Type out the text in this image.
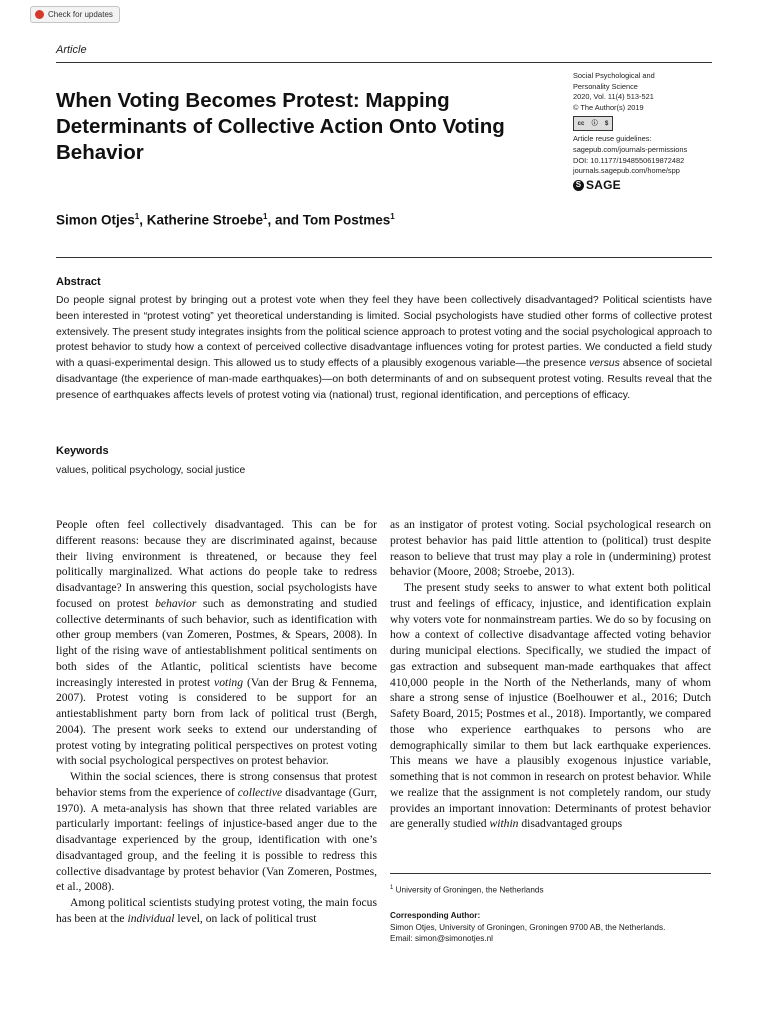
Check for updates
Article
When Voting Becomes Protest: Mapping Determinants of Collective Action Onto Voting Behavior
Social Psychological and
Personality Science
2020, Vol. 11(4) 513-521
© The Author(s) 2019
cc ⓘ $
Article reuse guidelines:
sagepub.com/journals-permissions
DOI: 10.1177/1948550619872482
journals.sagepub.com/home/spp
S SAGE
Simon Otjes$^1$, Katherine Stroebe$^1$, and Tom Postmes$^1$
Abstract
Do people signal protest by bringing out a protest vote when they feel they have been collectively disadvantaged? Political scientists have been interested in “protest voting” yet theoretical understanding is limited. Social psychologists have studied other forms of collective protest extensively. The present study integrates insights from the political science approach to protest voting and the social psychological approach to protest behavior to study how a context of perceived collective disadvantage influences voting for protest parties. We conducted a field study with a quasi-experimental design. This allowed us to study effects of a plausibly exogenous variable—the presence versus absence of societal disadvantage (the experience of man-made earthquakes)—on both determinants of and on subsequent protest voting. Results reveal that the presence of earthquakes affects levels of protest voting via (national) trust, regional identification, and perceptions of efficacy.
Keywords
values, political psychology, social justice

People often feel collectively disadvantaged. This can be for different reasons: because they are discriminated against, because their living environment is threatened, or because they feel politically marginalized. What actions do people take to redress disadvantage? In answering this question, social psychologists have focused on protest behavior such as demonstrating and studied collective determinants of such behavior, such as identification with other group members (van Zomeren, Postmes, & Spears, 2008). In light of the rising wave of antiestablishment political sentiments on both sides of the Atlantic, political scientists have become increasingly interested in protest voting (Van der Brug & Fennema, 2007). Protest voting is considered to be support for an antiestablishment party born from lack of political trust (Bergh, 2004). The present work seeks to extend our understanding of protest voting by integrating political perspectives on protest voting with social psychological perspectives on protest behavior.

Within the social sciences, there is strong consensus that protest behavior stems from the experience of collective disadvantage (Gurr, 1970). A meta-analysis has shown that three related variables are particularly important: feelings of injustice-based anger due to the disadvantage experienced by the group, identification with one’s disadvantaged group, and the feeling it is possible to redress this collective disadvantage by protest behavior (Van Zomeren, Postmes, et al., 2008).

Among political scientists studying protest voting, the main focus has been at the individual level, on lack of political trust

as an instigator of protest voting. Social psychological research on protest behavior has paid little attention to (political) trust despite reason to believe that trust may play a role in (undermining) protest behavior (Moore, 2008; Stroebe, 2013).

The present study seeks to answer to what extent both political trust and feelings of efficacy, injustice, and identification explain why voters vote for nonmainstream parties. We do so by focusing on how a context of collective disadvantage affected voting behavior during municipal elections. Specifically, we studied the impact of gas extraction and subsequent man-made earthquakes that affect 410,000 people in the North of the Netherlands, many of whom share a strong sense of injustice (Boelhouwer et al., 2016; Dutch Safety Board, 2015; Postmes et al., 2018). Importantly, we compared those who experience earthquakes to persons who are demographically similar to them but lack earthquake experiences. This means we have a plausibly exogenous injustice variable, something that is not common in research on protest behavior. While we realize that the assignment is not completely random, our study provides an important innovation: Determinants of protest behavior are generally studied within disadvantaged groups

$^1$ University of Groningen, the Netherlands
Corresponding Author:
Simon Otjes, University of Groningen, Groningen 9700 AB, the Netherlands.
Email: simon@simonotjes.nl
